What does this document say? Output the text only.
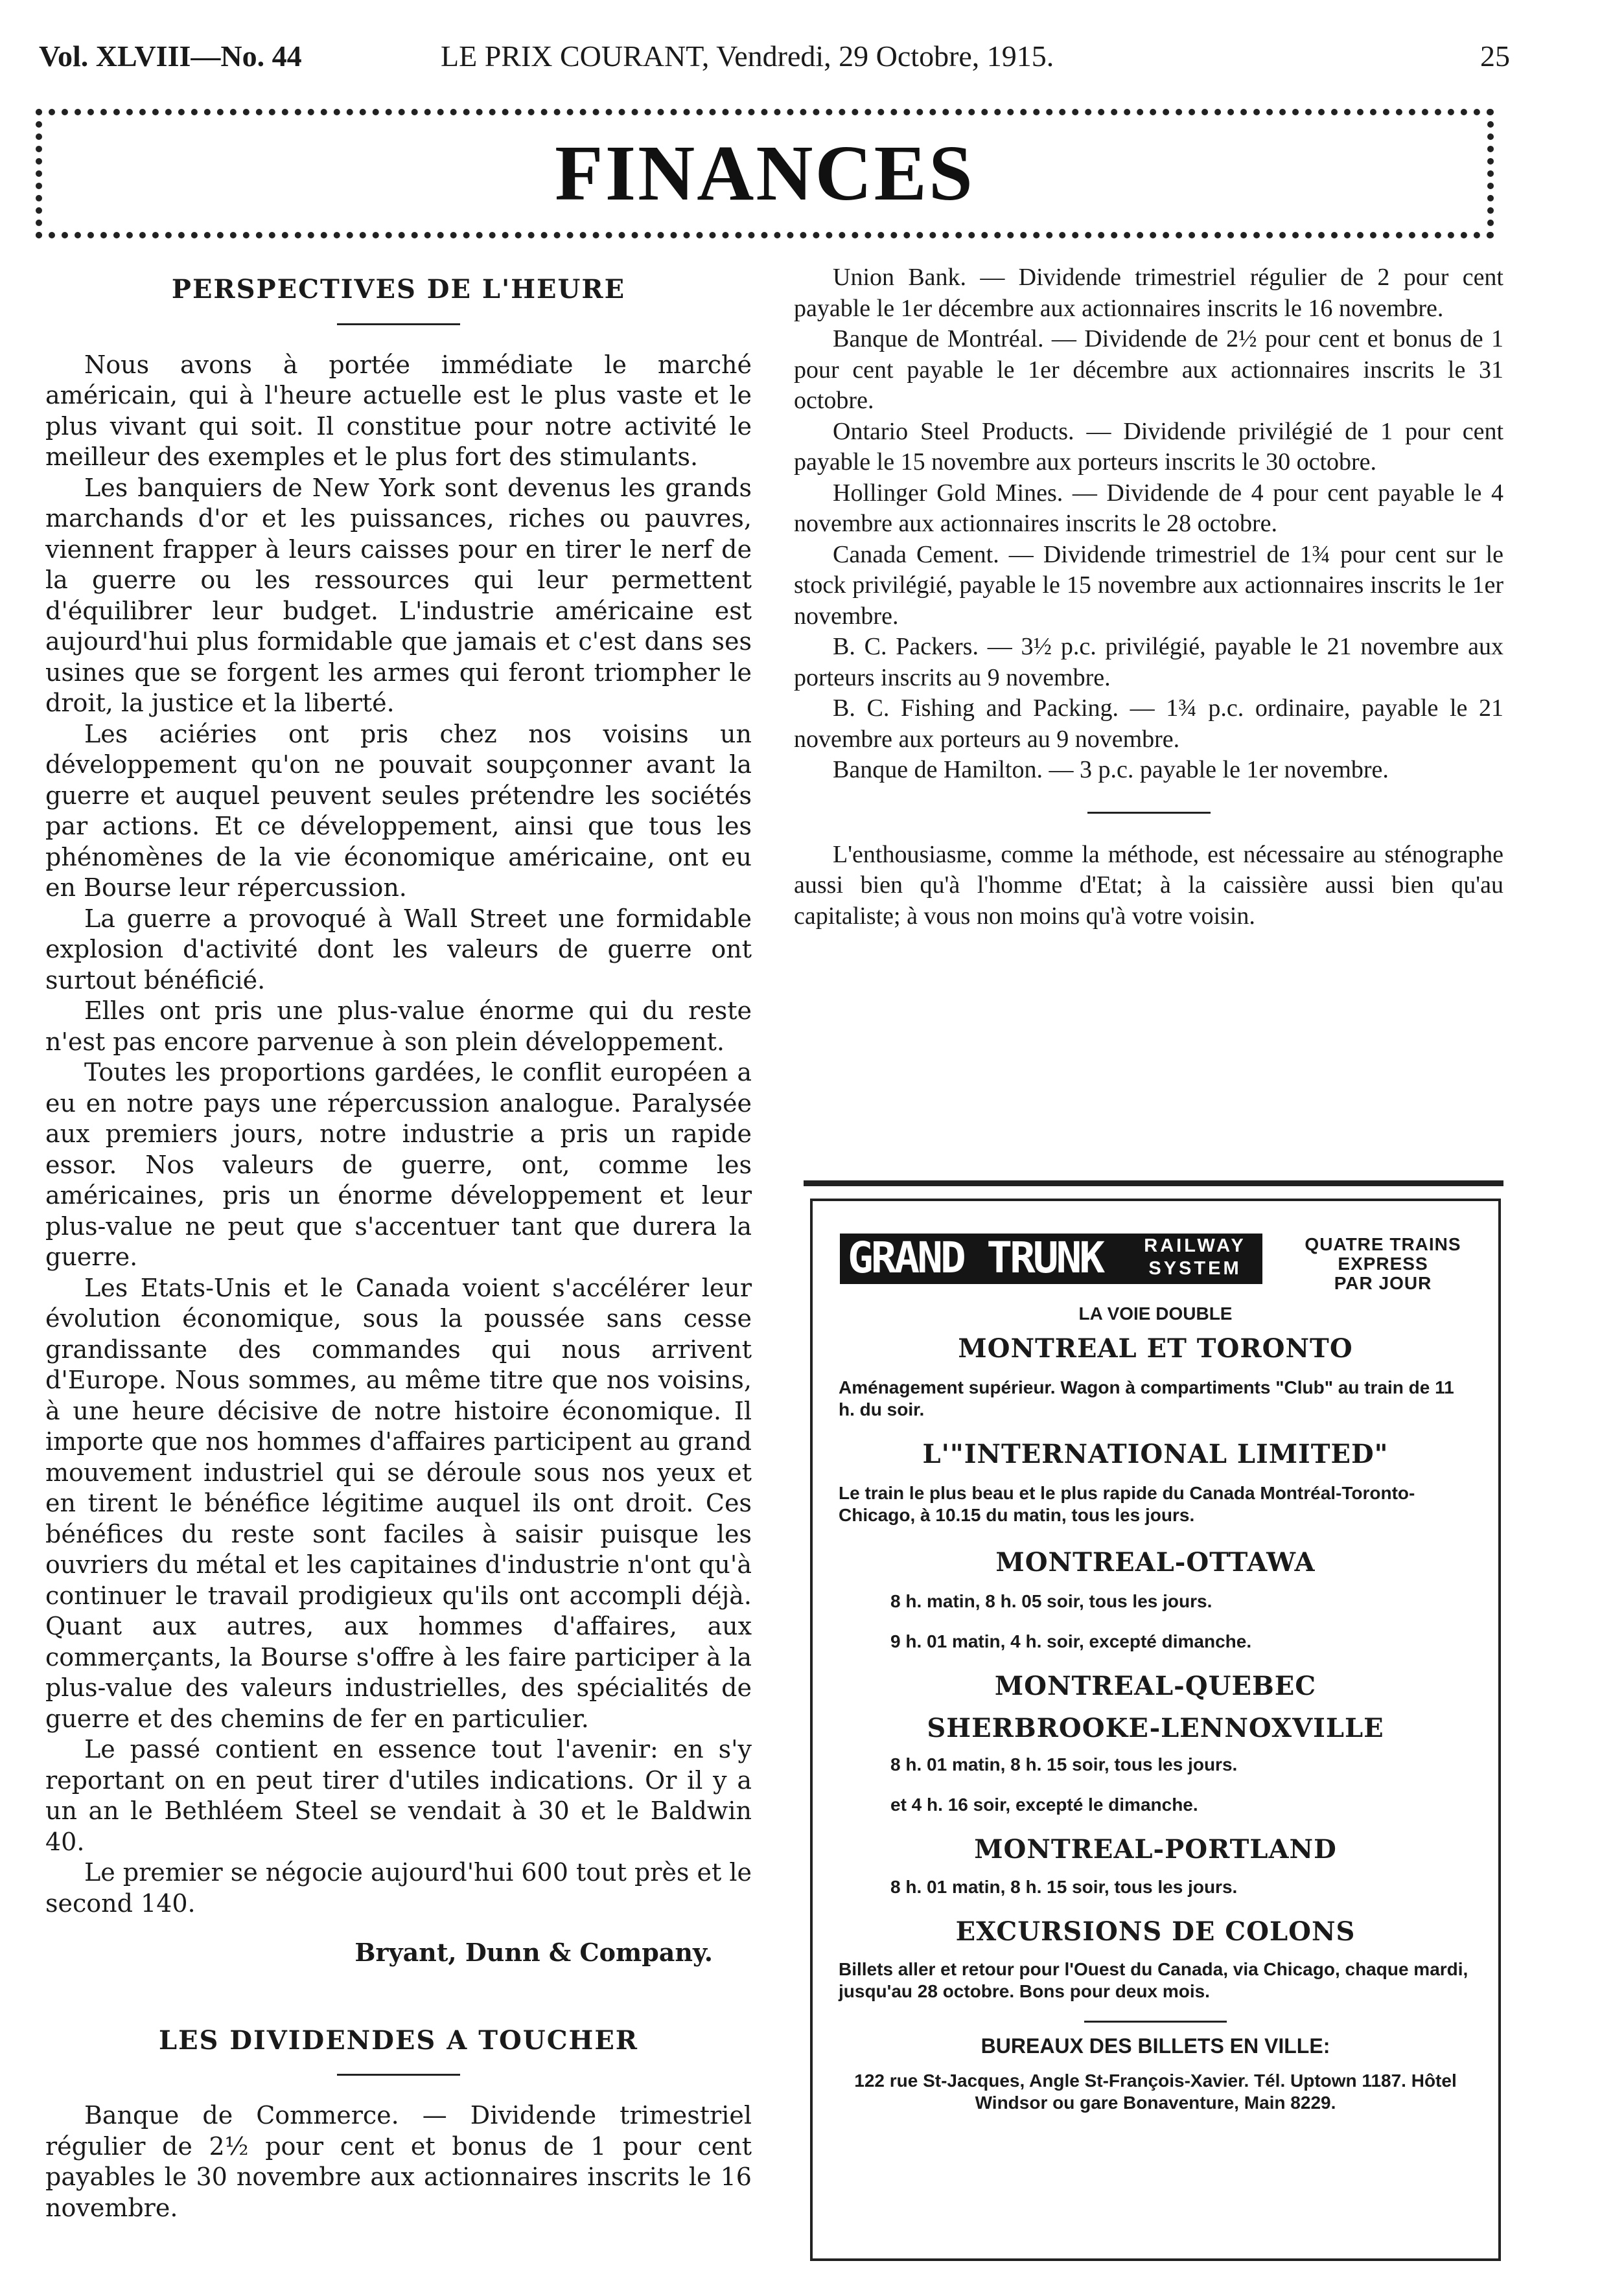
Vol. XLVIII—No. 44	LE PRIX COURANT, Vendredi, 29 Octobre, 1915.	25
FINANCES

PERSPECTIVES DE L'HEURE

Nous avons à portée immédiate le marché américain, qui à l'heure actuelle est le plus vaste et le plus vivant qui soit. Il constitue pour notre activité le meilleur des exemples et le plus fort des stimulants.

Les banquiers de New York sont devenus les grands marchands d'or et les puissances, riches ou pauvres, viennent frapper à leurs caisses pour en tirer le nerf de la guerre ou les ressources qui leur permettent d'équilibrer leur budget. L'industrie américaine est aujourd'hui plus formidable que jamais et c'est dans ses usines que se forgent les armes qui feront triompher le droit, la justice et la liberté.

Les aciéries ont pris chez nos voisins un développement qu'on ne pouvait soupçonner avant la guerre et auquel peuvent seules prétendre les sociétés par actions. Et ce développement, ainsi que tous les phénomènes de la vie économique américaine, ont eu en Bourse leur répercussion.

La guerre a provoqué à Wall Street une formidable explosion d'activité dont les valeurs de guerre ont surtout bénéficié.

Elles ont pris une plus-value énorme qui du reste n'est pas encore parvenue à son plein développement.

Toutes les proportions gardées, le conflit européen a eu en notre pays une répercussion analogue. Paralysée aux premiers jours, notre industrie a pris un rapide essor. Nos valeurs de guerre, ont, comme les américaines, pris un énorme développement et leur plus-value ne peut que s'accentuer tant que durera la guerre.

Les Etats-Unis et le Canada voient s'accélérer leur évolution économique, sous la poussée sans cesse grandissante des commandes qui nous arrivent d'Europe. Nous sommes, au même titre que nos voisins, à une heure décisive de notre histoire économique. Il importe que nos hommes d'affaires participent au grand mouvement industriel qui se déroule sous nos yeux et en tirent le bénéfice légitime auquel ils ont droit. Ces bénéfices du reste sont faciles à saisir puisque les ouvriers du métal et les capitaines d'industrie n'ont qu'à continuer le travail prodigieux qu'ils ont accompli déjà. Quant aux autres, aux hommes d'affaires, aux commerçants, la Bourse s'offre à les faire participer à la plus-value des valeurs industrielles, des spécialités de guerre et des chemins de fer en particulier.

Le passé contient en essence tout l'avenir: en s'y reportant on en peut tirer d'utiles indications. Or il y a un an le Bethléem Steel se vendait à 30 et le Baldwin 40.

Le premier se négocie aujourd'hui 600 tout près et le second 140.

Bryant, Dunn & Company.

LES DIVIDENDES A TOUCHER

Banque de Commerce. — Dividende trimestriel régulier de 2½ pour cent et bonus de 1 pour cent payables le 30 novembre aux actionnaires inscrits le 16 novembre.

Union Bank. — Dividende trimestriel régulier de 2 pour cent payable le 1er décembre aux actionnaires inscrits le 16 novembre.

Banque de Montréal. — Dividende de 2½ pour cent et bonus de 1 pour cent payable le 1er décembre aux actionnaires inscrits le 31 octobre.

Ontario Steel Products. — Dividende privilégié de 1 pour cent payable le 15 novembre aux porteurs inscrits le 30 octobre.

Hollinger Gold Mines. — Dividende de 4 pour cent payable le 4 novembre aux actionnaires inscrits le 28 octobre.

Canada Cement. — Dividende trimestriel de 1¾ pour cent sur le stock privilégié, payable le 15 novembre aux actionnaires inscrits le 1er novembre.

B. C. Packers. — 3½ p.c. privilégié, payable le 21 novembre aux porteurs inscrits au 9 novembre.

B. C. Fishing and Packing. — 1¾ p.c. ordinaire, payable le 21 novembre aux porteurs au 9 novembre.

Banque de Hamilton. — 3 p.c. payable le 1er novembre.

L'enthousiasme, comme la méthode, est nécessaire au sténographe aussi bien qu'à l'homme d'Etat; à la caissière aussi bien qu'au capitaliste; à vous non moins qu'à votre voisin.

GRAND TRUNK	RAILWAY
SYSTEM
QUATRE TRAINS
EXPRESS
PAR JOUR

LA VOIE DOUBLE

MONTREAL ET TORONTO

Aménagement supérieur. Wagon à compartiments "Club" au train de 11 h. du soir.

L'"INTERNATIONAL LIMITED"

Le train le plus beau et le plus rapide du Canada Montréal-Toronto-Chicago, à 10.15 du matin, tous les jours.

MONTREAL-OTTAWA

8 h. matin, 8 h. 05 soir, tous les jours.

9 h. 01 matin, 4 h. soir, excepté dimanche.

MONTREAL-QUEBEC

SHERBROOKE-LENNOXVILLE

8 h. 01 matin, 8 h. 15 soir, tous les jours.

et 4 h. 16 soir, excepté le dimanche.

MONTREAL-PORTLAND

8 h. 01 matin, 8 h. 15 soir, tous les jours.

EXCURSIONS DE COLONS

Billets aller et retour pour l'Ouest du Canada, via Chicago, chaque mardi, jusqu'au 28 octobre. Bons pour deux mois.

BUREAUX DES BILLETS EN VILLE:

122 rue St-Jacques, Angle St-François-Xavier. Tél. Uptown 1187. Hôtel Windsor ou gare Bonaventure, Main 8229.
